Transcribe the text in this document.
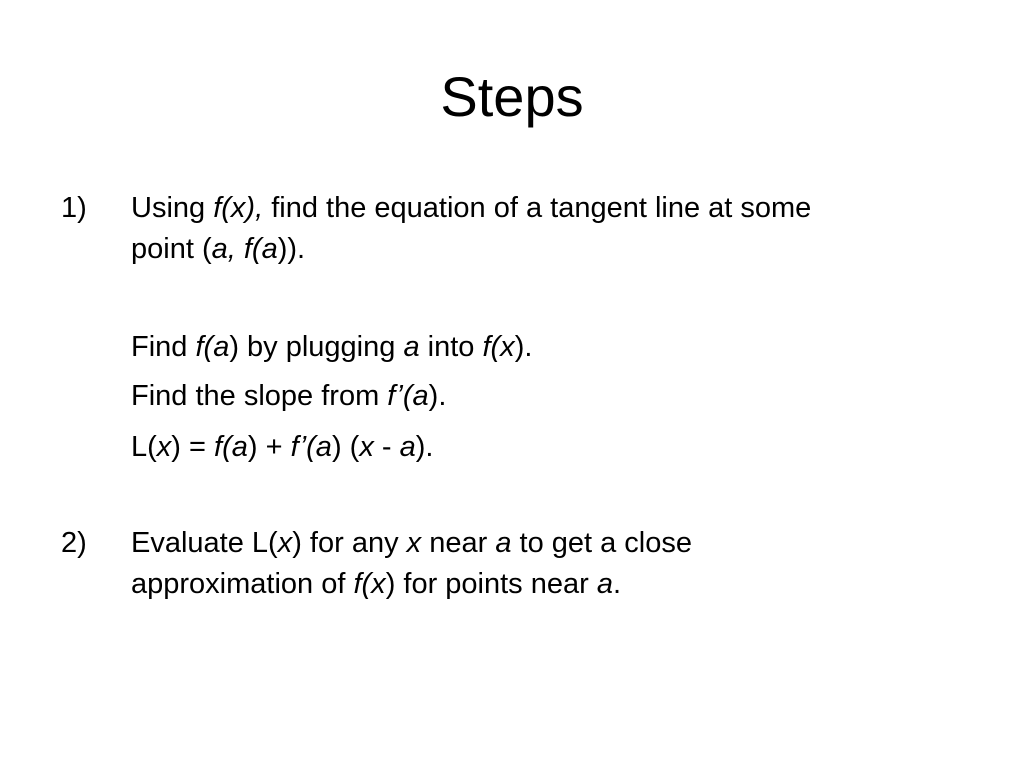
Steps
1) Using f(x), find the equation of a tangent line at some
point (a, f(a)).
Find f(a) by plugging a into f(x).
Find the slope from f’(a).
L(x) = f(a) + f’(a) (x - a).
2) Evaluate L(x) for any x near a to get a close
approximation of f(x) for points near a.
